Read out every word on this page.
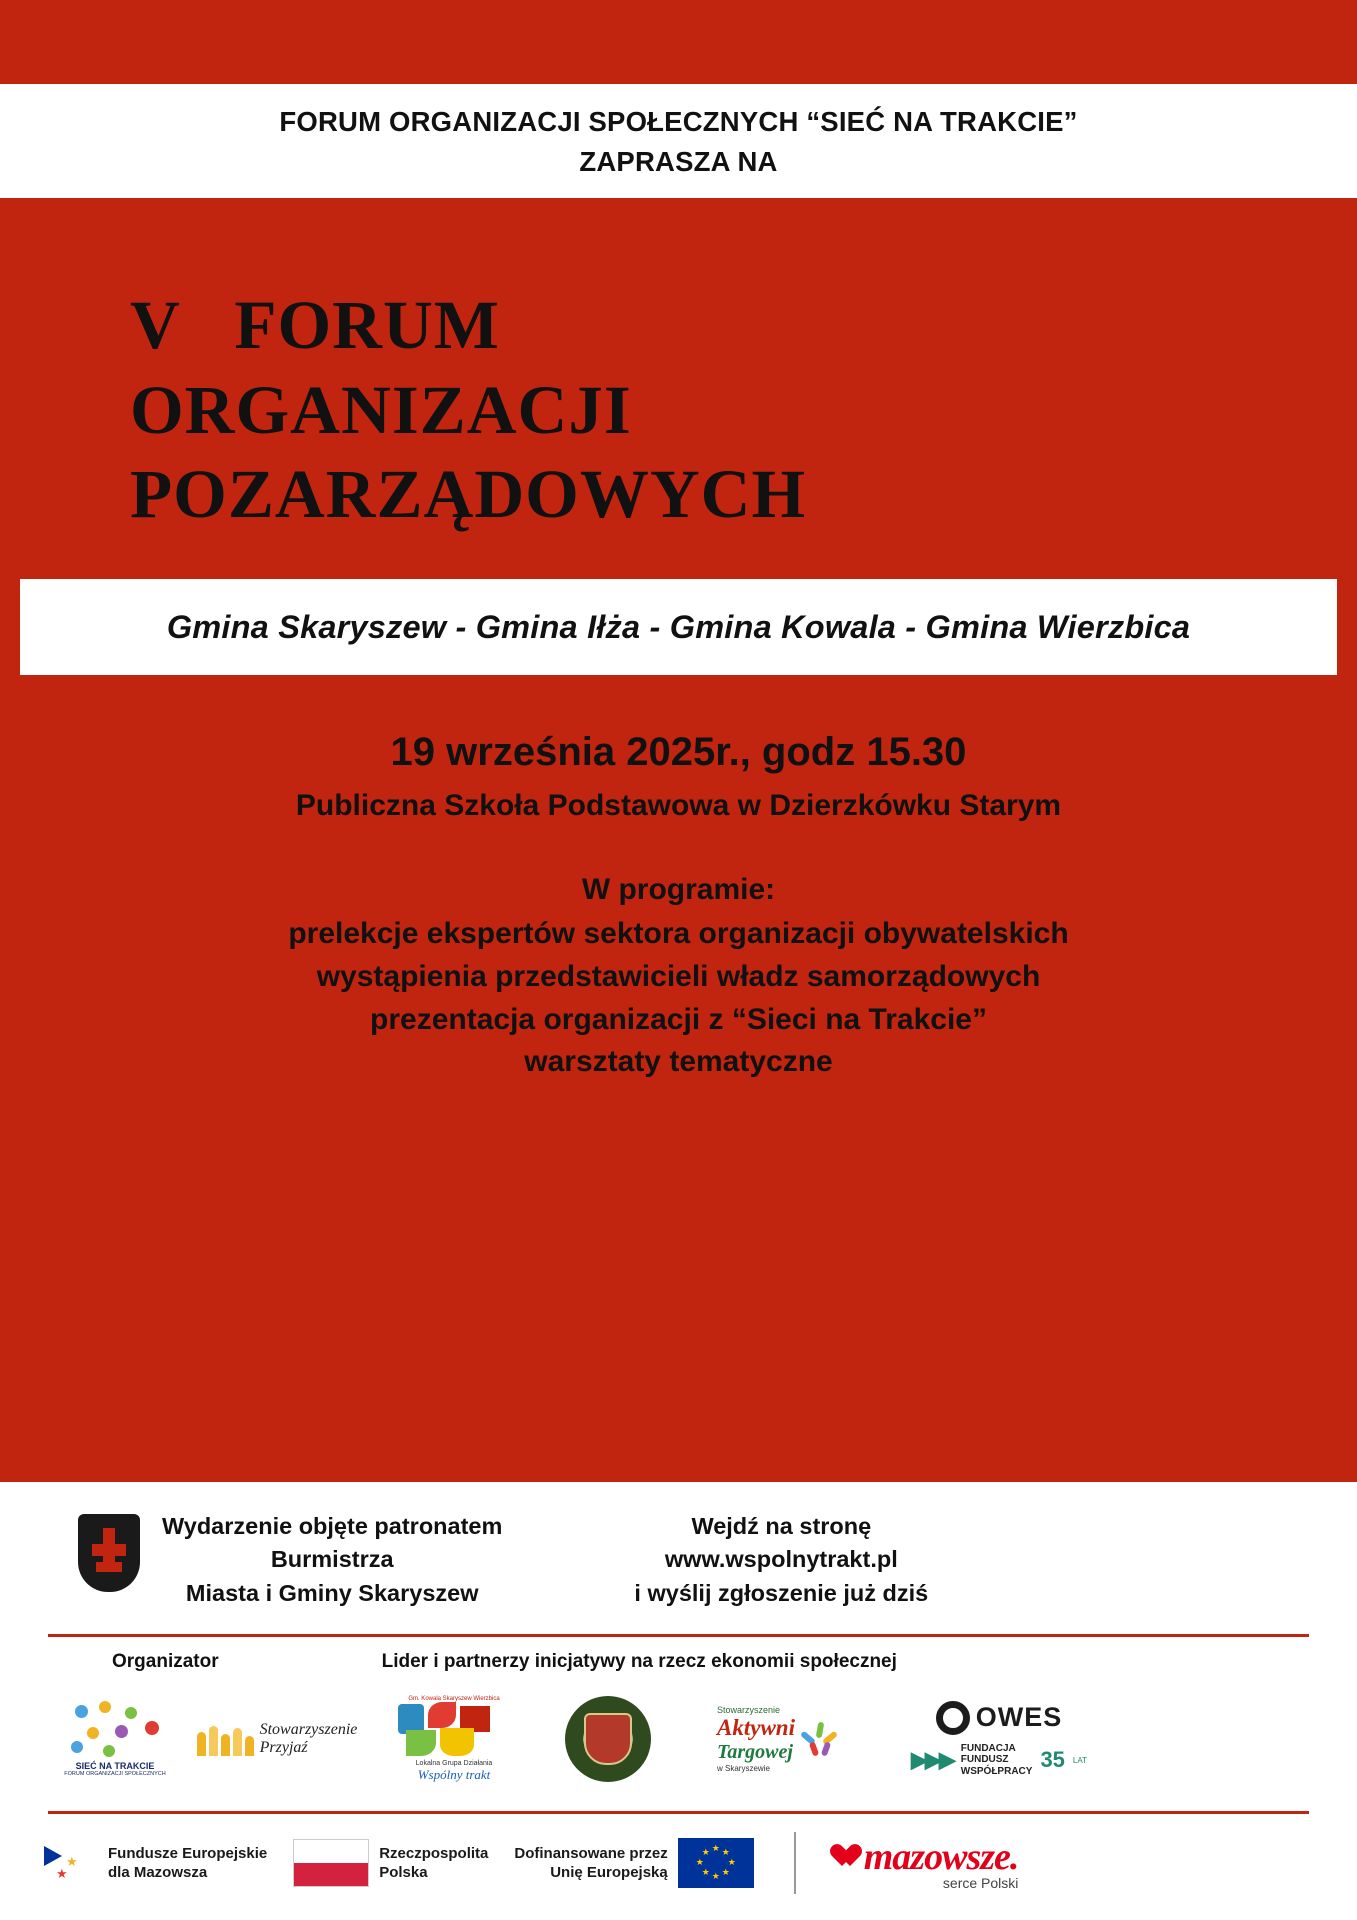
FORUM ORGANIZACJI SPOŁECZNYCH “SIEĆ NA TRAKCIE”
ZAPRASZA NA
V   FORUM
ORGANIZACJI
POZARZĄDOWYCH
Gmina Skaryszew - Gmina Iłża - Gmina Kowala - Gmina Wierzbica
19 września 2025r., godz 15.30
Publiczna Szkoła Podstawowa w Dzierzkówku Starym
W programie:
prelekcje ekspertów sektora organizacji obywatelskich
wystąpienia przedstawicieli władz samorządowych
prezentacja organizacji z “Sieci na Trakcie”
warsztaty tematyczne
Wydarzenie objęte patronatem
Burmistrza
Miasta i Gminy Skaryszew
Wejdź na stronę
www.wspolnytrakt.pl
i wyślij zgłoszenie już dziś
Organizator	Lider i partnerzy inicjatywy na rzecz ekonomii społecznej
SIEĆ NA TRAKCIE
FORUM ORGANIZACJI SPOŁECZNYCH
Stowarzyszenie
Przyjaź
Gm. Kowala Skaryszew Wierzbica
Lokalna Grupa Działania
Wspólny trakt
Stowarzyszenie
Aktywni
Targowej
w Skaryszewie
OWES
▶▶▶ FUNDACJA
FUNDUSZ
WSPÓŁPRACY 35 LAT
★
★
★
Fundusze Europejskie
dla Mazowsza
Rzeczpospolita
Polska
★ ★
★
★
★
★
★
★
Dofinansowane przez
Unię Europejską	mazowsze.
serce Polski
